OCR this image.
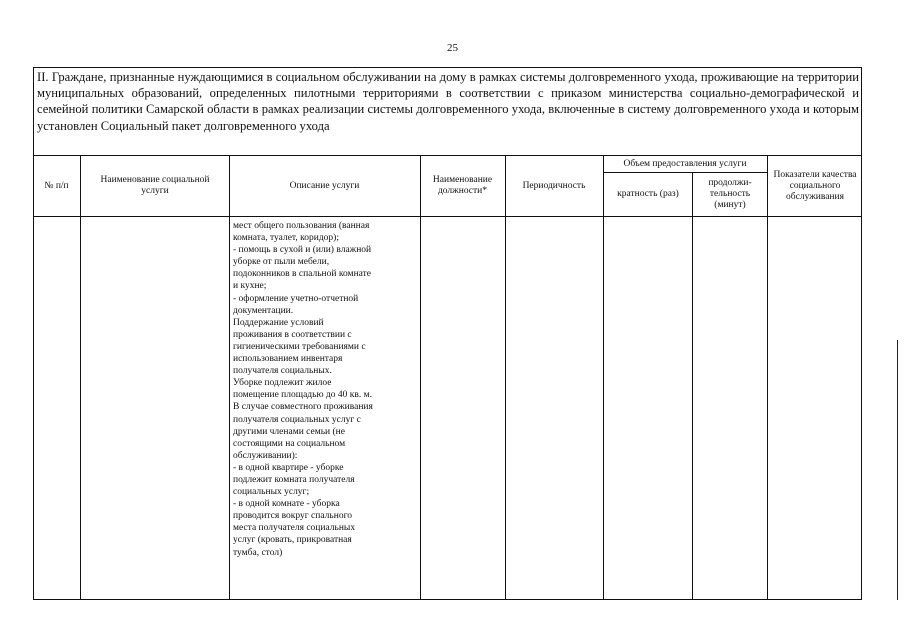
25
II. Граждане, признанные нуждающимися в социальном обслуживании на дому в рамках системы долговременного ухода, проживающие на территории муниципальных образований, определенных пилотными территориями в соответствии с приказом министерства социально-демографической и семейной политики Самарской области в рамках реализации системы долговременного ухода, включенные в систему долговременного ухода и которым установлен Социальный пакет долговременного ухода
№ п/п
Наименование социальной услуги
Описание услуги
Наименование должности*
Периодичность
Объем предоставления услуги
кратность (раз)
продолжи-тельность (минут)
Показатели качества социального обслуживания
мест общего пользования (ванная
комната, туалет, коридор);
- помощь в сухой и (или) влажной
уборке от пыли мебели,
подоконников в спальной комнате
и кухне;
- оформление учетно-отчетной
документации.
Поддержание условий
проживания в соответствии с
гигиеническими требованиями с
использованием инвентаря
получателя социальных.
Уборке подлежит жилое
помещение площадью до 40 кв. м.
В случае совместного проживания
получателя социальных услуг с
другими членами семьи (не
состоящими на социальном
обслуживании):
- в одной квартире - уборке
подлежит комната получателя
социальных услуг;
- в одной комнате - уборка
проводится вокруг спального
места получателя социальных
услуг (кровать, прикроватная
тумба, стол)
